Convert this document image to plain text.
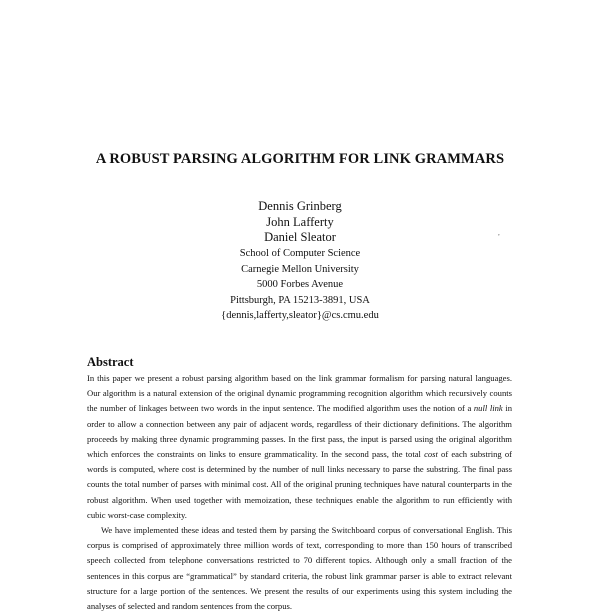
A ROBUST PARSING ALGORITHM FOR LINK GRAMMARS
Dennis Grinberg
John Lafferty
Daniel Sleator
School of Computer Science
Carnegie Mellon University
5000 Forbes Avenue
Pittsburgh, PA 15213-3891, USA
{dennis,lafferty,sleator}@cs.cmu.edu
,
Abstract

In this paper we present a robust parsing algorithm based on the link grammar formalism for parsing natural languages. Our algorithm is a natural extension of the original dynamic programming recognition algorithm which recursively counts the number of linkages between two words in the input sentence. The modified algorithm uses the notion of a null link in order to allow a connection between any pair of adjacent words, regardless of their dictionary definitions. The algorithm proceeds by making three dynamic programming passes. In the first pass, the input is parsed using the original algorithm which enforces the constraints on links to ensure grammaticality. In the second pass, the total cost of each substring of words is computed, where cost is determined by the number of null links necessary to parse the substring. The final pass counts the total number of parses with minimal cost. All of the original pruning techniques have natural counterparts in the robust algorithm. When used together with memoization, these techniques enable the algorithm to run efficiently with cubic worst-case complexity.

We have implemented these ideas and tested them by parsing the Switchboard corpus of conversational English. This corpus is comprised of approximately three million words of text, corresponding to more than 150 hours of transcribed speech collected from telephone conversations restricted to 70 different topics. Although only a small fraction of the sentences in this corpus are “grammatical” by standard criteria, the robust link grammar parser is able to extract relevant structure for a large portion of the sentences. We present the results of our experiments using this system including the analyses of selected and random sentences from the corpus.
